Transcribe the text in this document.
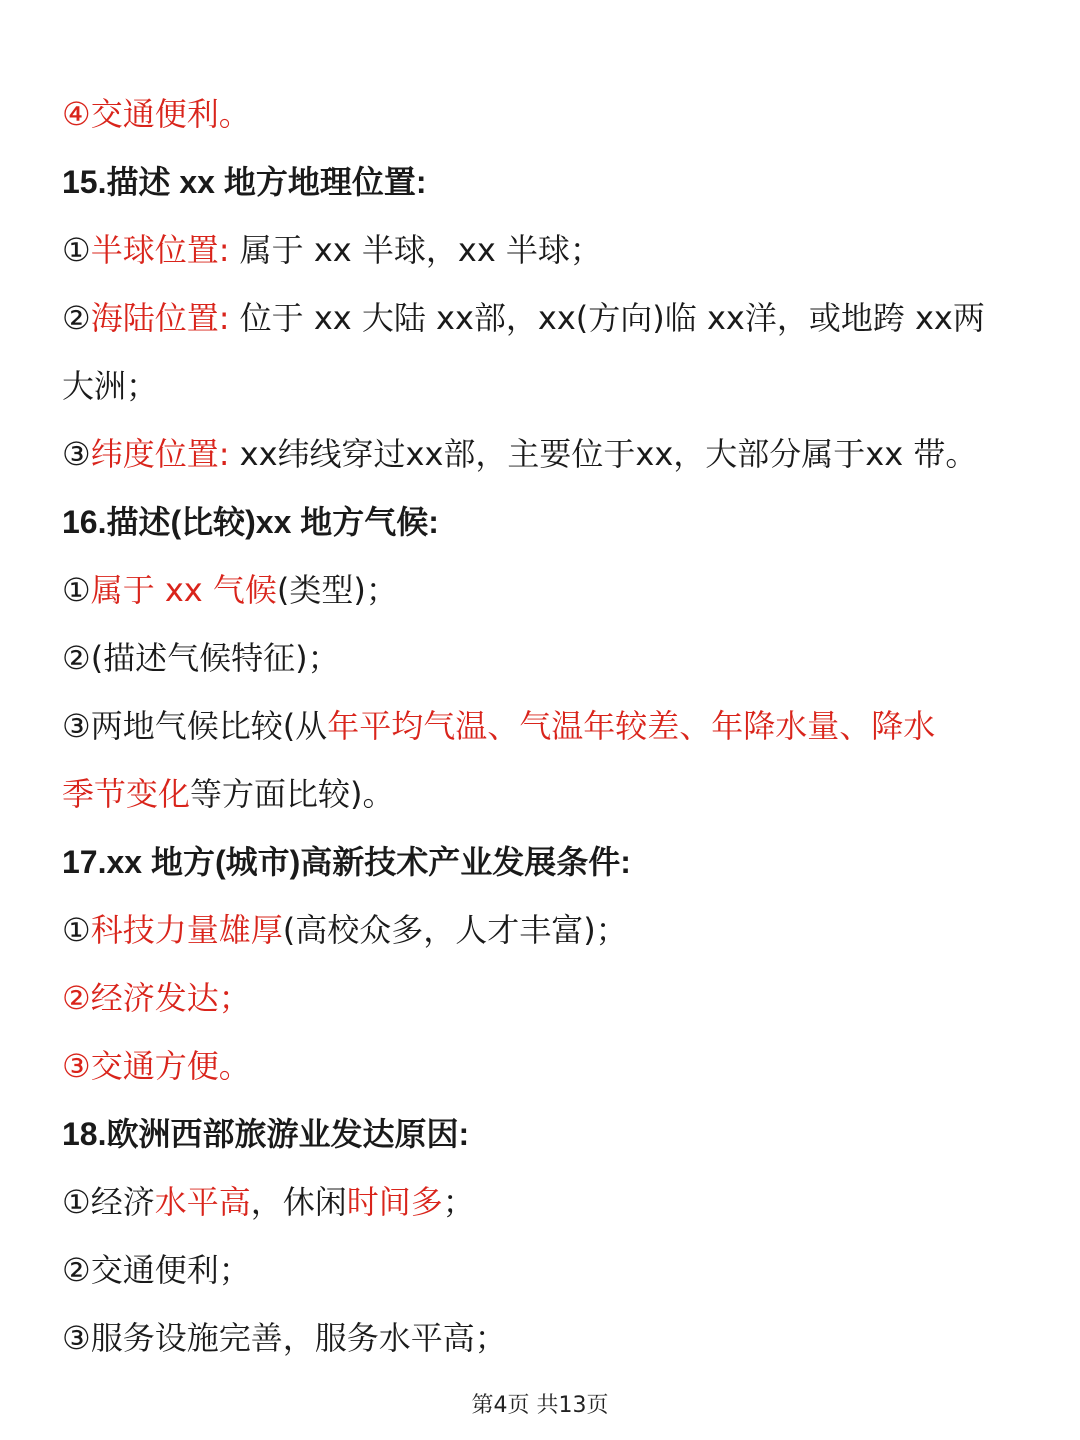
④交通便利。
15.描述 xx 地方地理位置:
①半球位置: 属于 xx 半球，xx 半球；
②海陆位置: 位于 xx 大陆 xx部，xx(方向)临 xx洋，或地跨 xx两
大洲；
③纬度位置: xx纬线穿过xx部，主要位于xx，大部分属于xx 带。
16.描述(比较)xx 地方气候:
①属于 xx 气候(类型)；
②(描述气候特征)；
③两地气候比较(从年平均气温、气温年较差、年降水量、降水
季节变化等方面比较)。
17.xx 地方(城市)高新技术产业发展条件:
①科技力量雄厚(高校众多，人才丰富)；
②经济发达；
③交通方便。
18.欧洲西部旅游业发达原因:
①经济水平高，休闲时间多；
②交通便利；
③服务设施完善，服务水平高；
第4页 共13页
